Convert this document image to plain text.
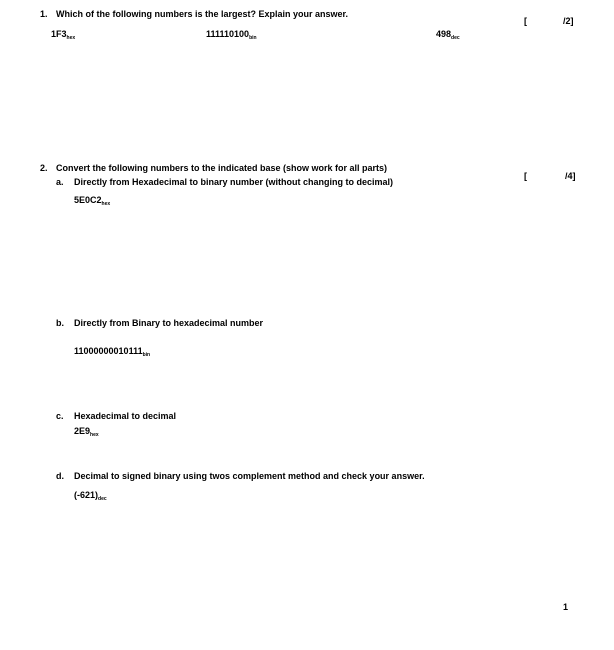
1. Which of the following numbers is the largest? Explain your answer.
[	/2]
$1F3_{hex}$	$111110100_{bin}$	$498_{dec}$
2. Convert the following numbers to the indicated base (show work for all parts)
[	/4]
a. Directly from Hexadecimal to binary number (without changing to decimal)
$5E0C2_{hex}$
b. Directly from Binary to hexadecimal number
$11000000010111_{bin}$
c. Hexadecimal to decimal
$2E9_{hex}$
d. Decimal to signed binary using twos complement method and check your answer.
$(-621)_{dec}$
1
